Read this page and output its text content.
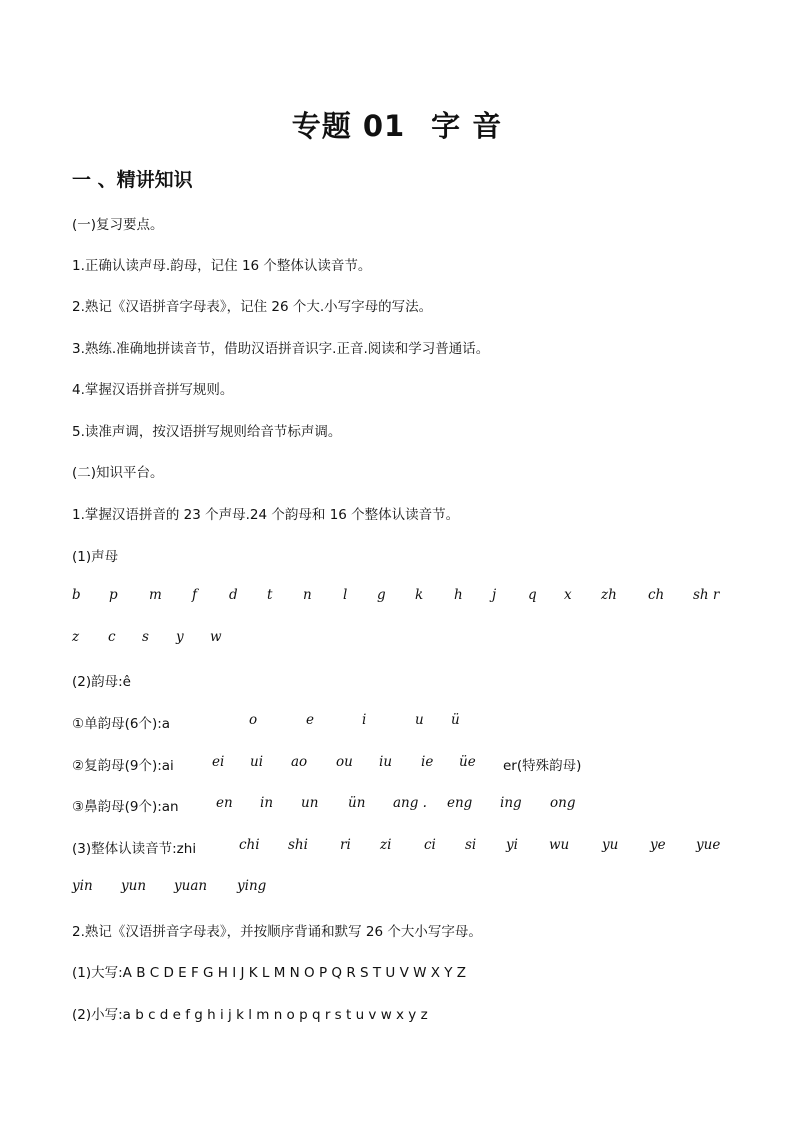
专题 01 字 音
一 、精讲知识
(一)复习要点。
1.正确认读声母.韵母，记住 16 个整体认读音节。
2.熟记《汉语拼音字母表》，记住 26 个大.小写字母的写法。
3.熟练.准确地拼读音节，借助汉语拼音识字.正音.阅读和学习普通话。
4.掌握汉语拼音拼写规则。
5.读准声调，按汉语拼写规则给音节标声调。
(二)知识平台。
1.掌握汉语拼音的 23 个声母.24 个韵母和 16 个整体认读音节。
(1)声母
b p m f d t n l g k h j q x zh ch sh r
z c s y w
(2)韵母:ê
①单韵母(6个):a	o	e	i	u ü
②复韵母(9个):ai	ei ui ao ou iu ie üe er(特殊韵母)
③鼻韵母(9个):an	en in un ün ang . eng ing ong
(3)整体认读音节:zhi	chi shi ri zi ci si yi wu yu ye yue
yin yun yuan ying
2.熟记《汉语拼音字母表》，并按顺序背诵和默写 26 个大小写字母。
(1)大写:A B C D E F G H I J K L M N O P Q R S T U V W X Y Z
(2)小写:a b c d e f g h i j k l m n o p q r s t u v w x y z
